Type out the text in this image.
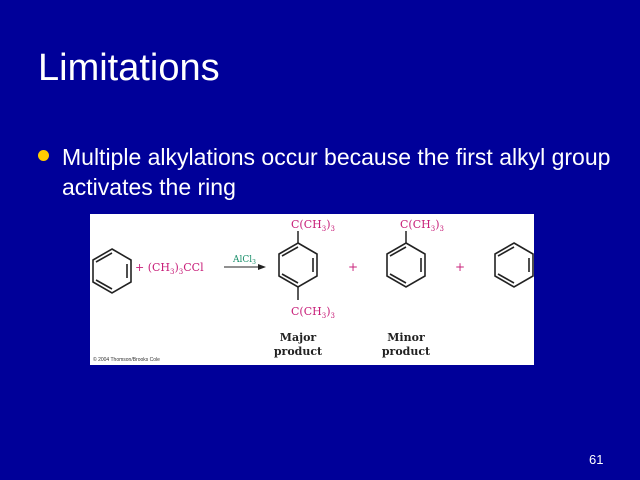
Limitations
Multiple alkylations occur because the first alkyl group activates the ring
+ $(CH_3)_3CCl$
AlCl$_3$
$C(CH_3)_3$
$C(CH_3)_3$
+
$C(CH_3)_3$
+
Major
product
Minor
product
© 2004 Thomson/Brooks Cole
61
